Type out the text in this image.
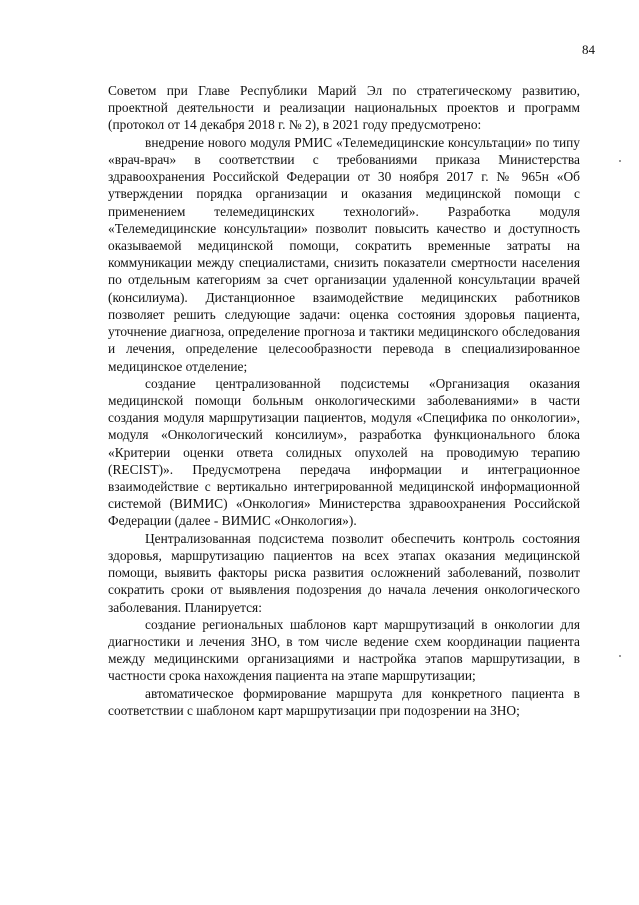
84

Советом при Главе Республики Марий Эл по стратегическому развитию, проектной деятельности и реализации национальных проектов и программ (протокол от 14 декабря 2018 г. № 2), в 2021 году предусмотрено:

внедрение нового модуля РМИС «Телемедицинские консультации» по типу «врач-врач» в соответствии с требованиями приказа Министерства здравоохранения Российской Федерации от 30 ноября 2017 г. № 965н «Об утверждении порядка организации и оказания медицинской помощи с применением телемедицинских технологий». Разработка модуля «Телемедицинские консультации» позволит повысить качество и доступность оказываемой медицинской помощи, сократить временные затраты на коммуникации между специалистами, снизить показатели смертности населения по отдельным категориям за счет организации удаленной консультации врачей (консилиума). Дистанционное взаимодействие медицинских работников позволяет решить следующие задачи: оценка состояния здоровья пациента, уточнение диагноза, определение прогноза и тактики медицинского обследования и лечения, определение целесообразности перевода в специализированное медицинское отделение;

создание централизованной подсистемы «Организация оказания медицинской помощи больным онкологическими заболеваниями» в части создания модуля маршрутизации пациентов, модуля «Специфика по онкологии», модуля «Онкологический консилиум», разработка функционального блока «Критерии оценки ответа солидных опухолей на проводимую терапию (RECIST)». Предусмотрена передача информации и интеграционное взаимодействие с вертикально интегрированной медицинской информационной системой (ВИМИС) «Онкология» Министерства здравоохранения Российской Федерации (далее - ВИМИС «Онкология»).

Централизованная подсистема позволит обеспечить контроль состояния здоровья, маршрутизацию пациентов на всех этапах оказания медицинской помощи, выявить факторы риска развития осложнений заболеваний, позволит сократить сроки от выявления подозрения до начала лечения онкологического заболевания. Планируется:

создание региональных шаблонов карт маршрутизаций в онкологии для диагностики и лечения ЗНО, в том числе ведение схем координации пациента между медицинскими организациями и настройка этапов маршрутизации, в частности срока нахождения пациента на этапе маршрутизации;

автоматическое формирование маршрута для конкретного пациента в соответствии с шаблоном карт маршрутизации при подозрении на ЗНО;
